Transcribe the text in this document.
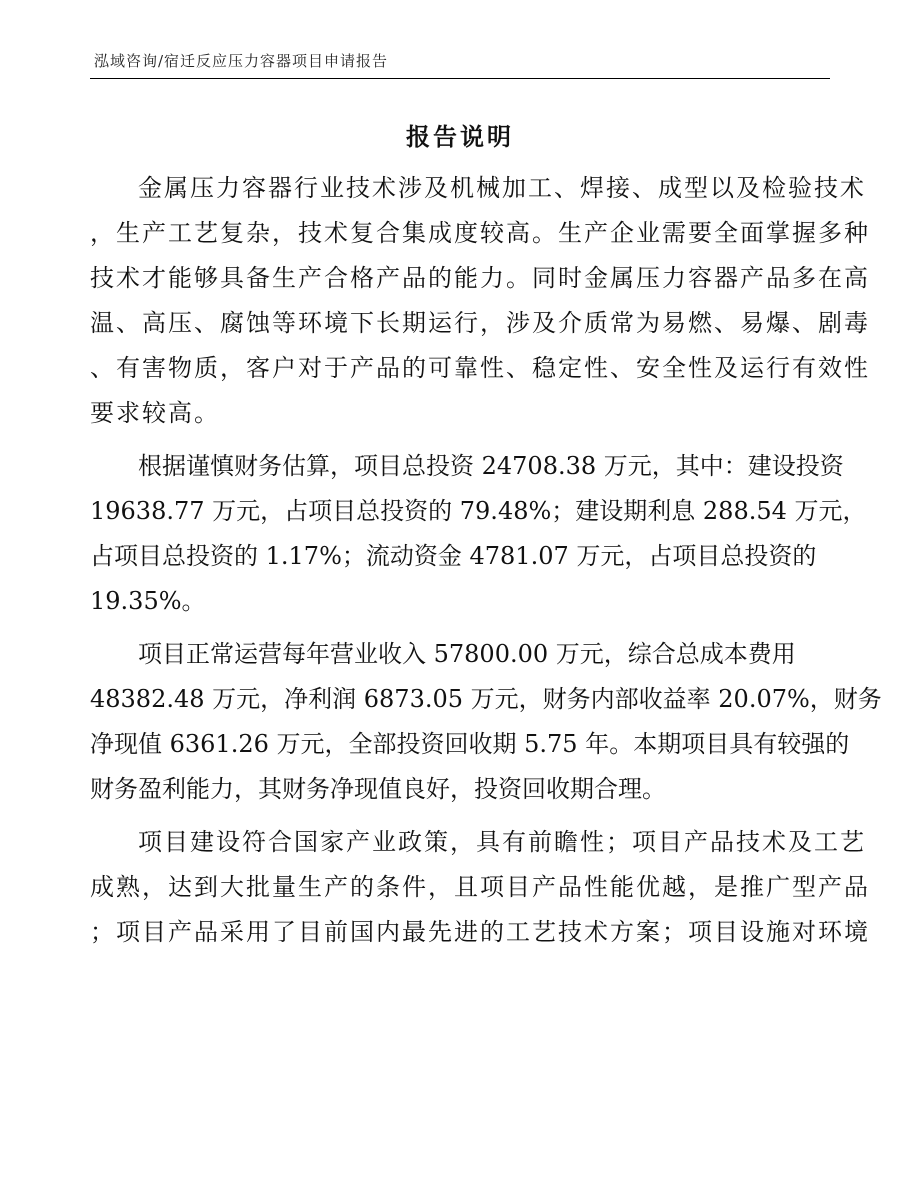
泓域咨询/宿迁反应压力容器项目申请报告
报告说明
金属压力容器行业技术涉及机械加工、焊接、成型以及检验技术
，生产工艺复杂，技术复合集成度较高。生产企业需要全面掌握多种
技术才能够具备生产合格产品的能力。同时金属压力容器产品多在高
温、高压、腐蚀等环境下长期运行，涉及介质常为易燃、易爆、剧毒
、有害物质，客户对于产品的可靠性、稳定性、安全性及运行有效性
要求较高。
根据谨慎财务估算，项目总投资 24708.38 万元，其中：建设投资
19638.77 万元，占项目总投资的 79.48%；建设期利息 288.54 万元，
占项目总投资的 1.17%；流动资金 4781.07 万元，占项目总投资的
19.35%。
项目正常运营每年营业收入 57800.00 万元，综合总成本费用
48382.48 万元，净利润 6873.05 万元，财务内部收益率 20.07%，财务
净现值 6361.26 万元，全部投资回收期 5.75 年。本期项目具有较强的
财务盈利能力，其财务净现值良好，投资回收期合理。
项目建设符合国家产业政策，具有前瞻性；项目产品技术及工艺
成熟，达到大批量生产的条件，且项目产品性能优越，是推广型产品
；项目产品采用了目前国内最先进的工艺技术方案；项目设施对环境
